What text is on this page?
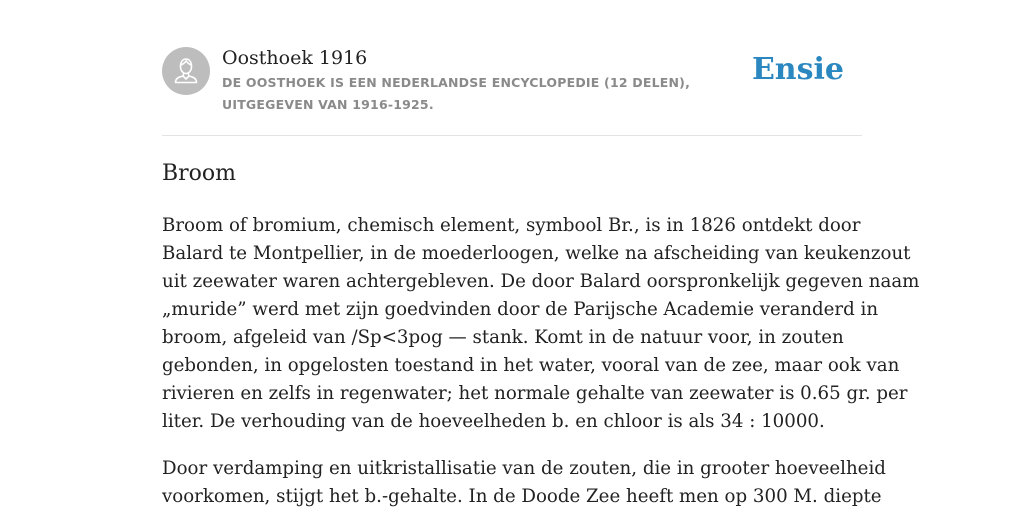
Oosthoek 1916
DE OOSTHOEK IS EEN NEDERLANDSE ENCYCLOPEDIE (12 DELEN), UITGEGEVEN VAN 1916-1925.
Ensie
Broom

Broom of bromium, chemisch element, symbool Br., is in 1826 ontdekt door
Balard te Montpellier, in de moederloogen, welke na afscheiding van keukenzout
uit zeewater waren achtergebleven. De door Balard oorspronkelijk gegeven naam
„muride” werd met zijn goedvinden door de Parijsche Academie veranderd in
broom, afgeleid van /Sp<3pog — stank. Komt in de natuur voor, in zouten
gebonden, in opgelosten toestand in het water, vooral van de zee, maar ook van
rivieren en zelfs in regenwater; het normale gehalte van zeewater is 0.65 gr. per
liter. De verhouding van de hoeveelheden b. en chloor is als 34 : 10000.

Door verdamping en uitkristallisatie van de zouten, die in grooter hoeveelheid
voorkomen, stijgt het b.-gehalte. In de Doode Zee heeft men op 300 M. diepte
